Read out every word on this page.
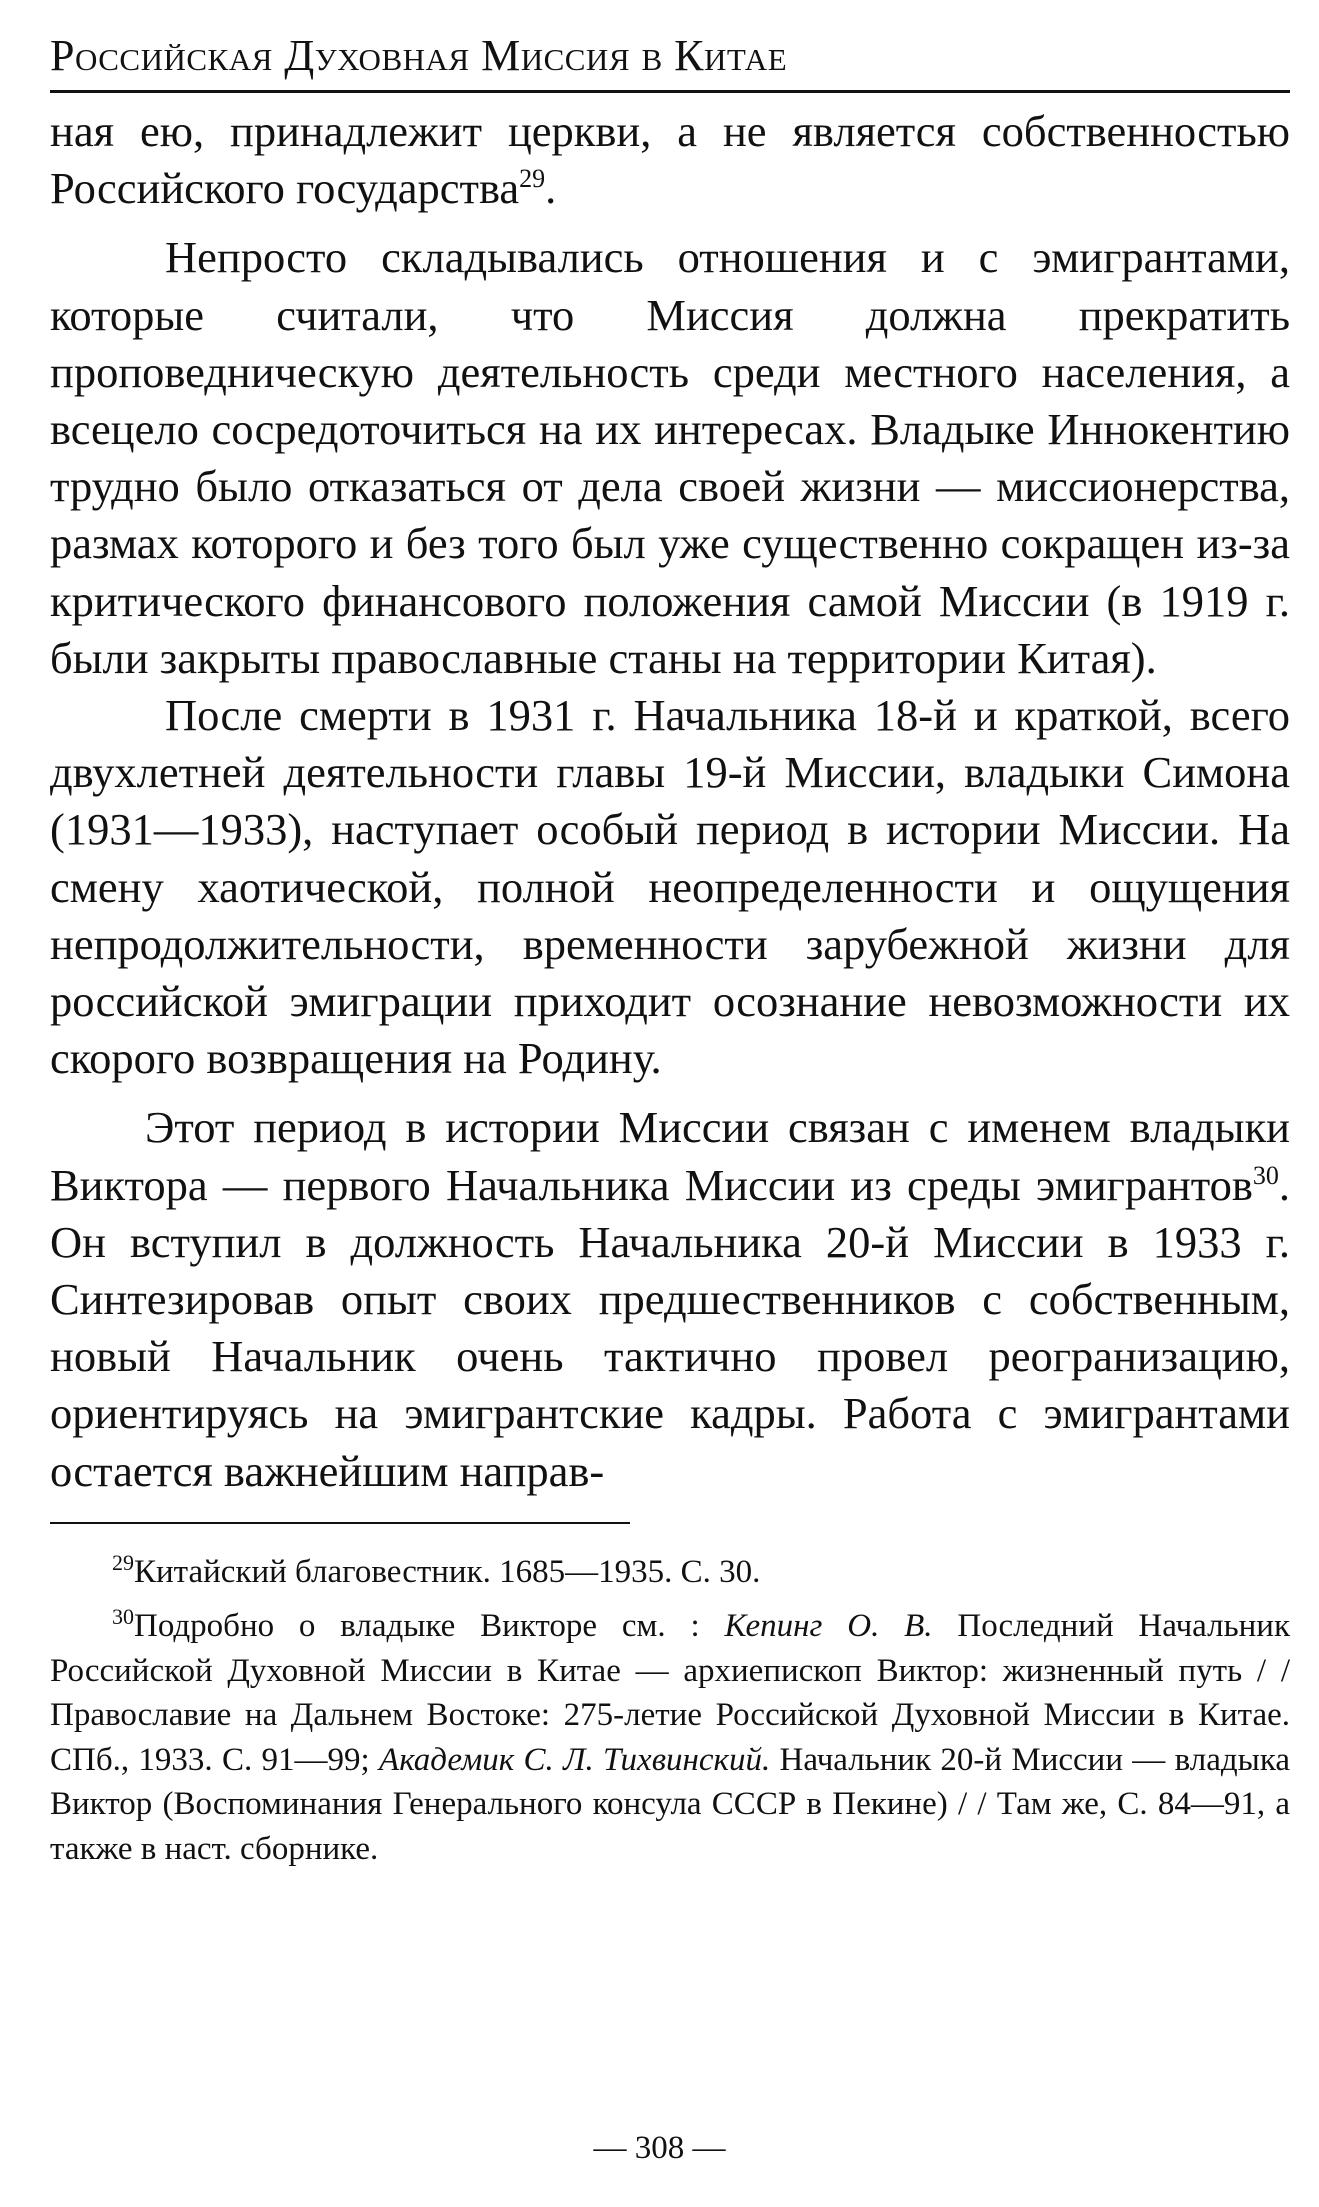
Российская Духовная Миссия в Китае

ная ею, принадлежит церкви, а не является собственностью Российского государства$^{29}$.

Непросто складывались отношения и с эмигрантами, которые считали, что Миссия должна прекратить проповедническую деятельность среди местного населения, а всецело сосредоточиться на их интересах. Владыке Иннокентию трудно было отказаться от дела своей жизни — миссионерства, размах которого и без того был уже существенно сокращен из-за критического финансового положения самой Миссии (в 1919 г. были закрыты православные станы на территории Китая).

После смерти в 1931 г. Начальника 18-й и краткой, всего двухлетней деятельности главы 19-й Миссии, владыки Симона (1931—1933), наступает особый период в истории Миссии. На смену хаотической, полной неопределенности и ощущения непродолжительности, временности зарубежной жизни для российской эмиграции приходит осознание невозможности их скорого возвращения на Родину.

Этот период в истории Миссии связан с именем владыки Виктора — первого Начальника Миссии из среды эмигрантов$^{30}$. Он вступил в должность Начальника 20-й Миссии в 1933 г. Синтезировав опыт своих предшественников с собственным, новый Начальник очень тактично провел реогранизацию, ориентируясь на эмигрантские кадры. Работа с эмигрантами остается важнейшим направ-

$^{29}$Китайский благовестник. 1685—1935. С. 30.

$^{30}$Подробно о владыке Викторе см. : Кепинг О. В. Последний Начальник Российской Духовной Миссии в Китае — архиепископ Виктор: жизненный путь / / Православие на Дальнем Востоке: 275-летие Российской Духовной Миссии в Китае. СПб., 1933. С. 91—99; Академик С. Л. Тихвинский. Начальник 20-й Миссии — владыка Виктор (Воспоминания Генерального консула СССР в Пекине) / / Там же, С. 84—91, а также в наст. сборнике.

— 308 —
